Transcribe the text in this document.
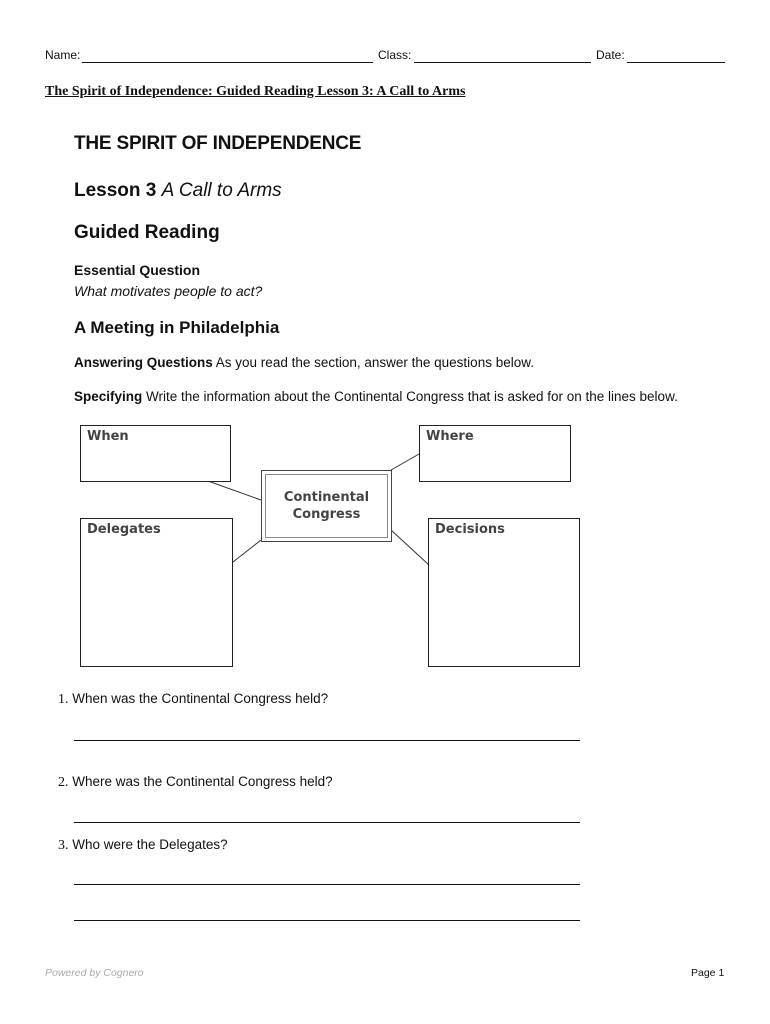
Name:	Class:	Date:
The Spirit of Independence: Guided Reading Lesson 3: A Call to Arms
THE SPIRIT OF INDEPENDENCE
Lesson 3 A Call to Arms
Guided Reading
Essential Question
What motivates people to act?
A Meeting in Philadelphia
Answering Questions As you read the section, answer the questions below.
Specifying Write the information about the Continental Congress that is asked for on the lines below.
When	Where
Continental
Congress
Delegates	Decisions
1. When was the Continental Congress held?
2. Where was the Continental Congress held?
3. Who were the Delegates?
Powered by Cognero	Page 1
